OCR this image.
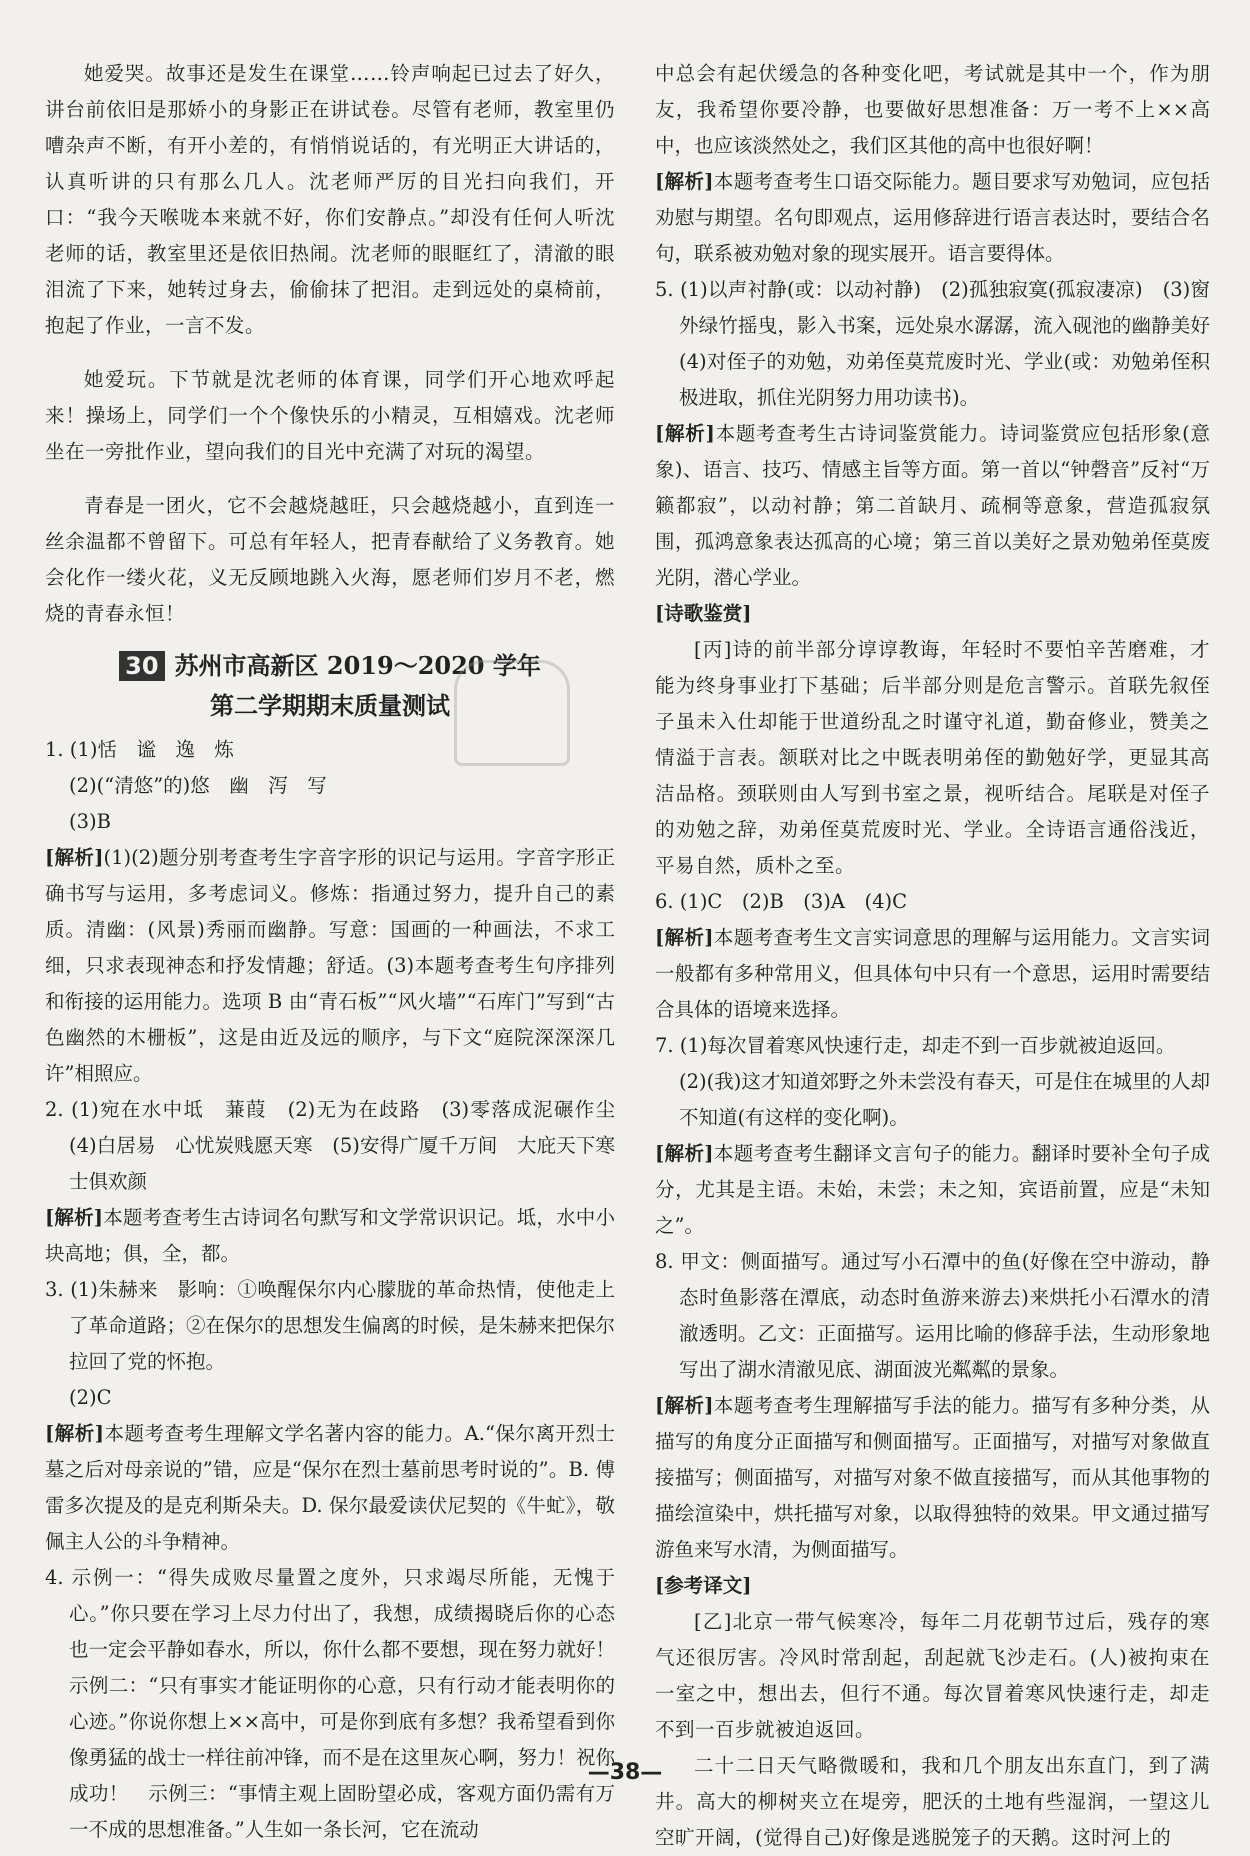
她爱哭。故事还是发生在课堂……铃声响起已过去了好久，讲台前依旧是那娇小的身影正在讲试卷。尽管有老师，教室里仍嘈杂声不断，有开小差的，有悄悄说话的，有光明正大讲话的，认真听讲的只有那么几人。沈老师严厉的目光扫向我们，开口：“我今天喉咙本来就不好，你们安静点。”却没有任何人听沈老师的话，教室里还是依旧热闹。沈老师的眼眶红了，清澈的眼泪流了下来，她转过身去，偷偷抹了把泪。走到远处的桌椅前，抱起了作业，一言不发。

她爱玩。下节就是沈老师的体育课，同学们开心地欢呼起来！操场上，同学们一个个像快乐的小精灵，互相嬉戏。沈老师坐在一旁批作业，望向我们的目光中充满了对玩的渴望。

青春是一团火，它不会越烧越旺，只会越烧越小，直到连一丝余温都不曾留下。可总有年轻人，把青春献给了义务教育。她会化作一缕火花，义无反顾地跳入火海，愿老师们岁月不老，燃烧的青春永恒！

30 苏州市高新区 2019～2020 学年
第二学期期末质量测试

1. (1)恬　谧　逸　炼

(2)(“清悠”的)悠　幽　泻　写

(3)B

[解析](1)(2)题分别考查考生字音字形的识记与运用。字音字形正确书写与运用，多考虑词义。修炼：指通过努力，提升自己的素质。清幽：(风景)秀丽而幽静。写意：国画的一种画法，不求工细，只求表现神态和抒发情趣；舒适。(3)本题考查考生句序排列和衔接的运用能力。选项 B 由“青石板”“风火墙”“石库门”写到“古色幽然的木栅板”，这是由近及远的顺序，与下文“庭院深深深几许”相照应。

2. (1)宛在水中坻　蒹葭　(2)无为在歧路　(3)零落成泥碾作尘　(4)白居易　心忧炭贱愿天寒　(5)安得广厦千万间　大庇天下寒士俱欢颜

[解析]本题考查考生古诗词名句默写和文学常识识记。坻，水中小块高地；俱，全，都。

3. (1)朱赫来　影响：①唤醒保尔内心朦胧的革命热情，使他走上了革命道路；②在保尔的思想发生偏离的时候，是朱赫来把保尔拉回了党的怀抱。

(2)C

[解析]本题考查考生理解文学名著内容的能力。A.“保尔离开烈士墓之后对母亲说的”错，应是“保尔在烈士墓前思考时说的”。B. 傅雷多次提及的是克利斯朵夫。D. 保尔最爱读伏尼契的《牛虻》，敬佩主人公的斗争精神。

4. 示例一：“得失成败尽量置之度外，只求竭尽所能，无愧于心。”你只要在学习上尽力付出了，我想，成绩揭晓后你的心态也一定会平静如春水，所以，你什么都不要想，现在努力就好！示例二：“只有事实才能证明你的心意，只有行动才能表明你的心迹。”你说你想上××高中，可是你到底有多想？我希望看到你像勇猛的战士一样往前冲锋，而不是在这里灰心啊，努力！祝你成功！　示例三：“事情主观上固盼望必成，客观方面仍需有万一不成的思想准备。”人生如一条长河，它在流动

中总会有起伏缓急的各种变化吧，考试就是其中一个，作为朋友，我希望你要冷静，也要做好思想准备：万一考不上××高中，也应该淡然处之，我们区其他的高中也很好啊！

[解析]本题考查考生口语交际能力。题目要求写劝勉词，应包括劝慰与期望。名句即观点，运用修辞进行语言表达时，要结合名句，联系被劝勉对象的现实展开。语言要得体。

5. (1)以声衬静(或：以动衬静)　(2)孤独寂寞(孤寂凄凉)　(3)窗外绿竹摇曳，影入书案，远处泉水潺潺，流入砚池的幽静美好　(4)对侄子的劝勉，劝弟侄莫荒废时光、学业(或：劝勉弟侄积极进取，抓住光阴努力用功读书)。

[解析]本题考查考生古诗词鉴赏能力。诗词鉴赏应包括形象(意象)、语言、技巧、情感主旨等方面。第一首以“钟磬音”反衬“万籁都寂”，以动衬静；第二首缺月、疏桐等意象，营造孤寂氛围，孤鸿意象表达孤高的心境；第三首以美好之景劝勉弟侄莫废光阴，潜心学业。

[诗歌鉴赏]

[丙]诗的前半部分谆谆教诲，年轻时不要怕辛苦磨难，才能为终身事业打下基础；后半部分则是危言警示。首联先叙侄子虽未入仕却能于世道纷乱之时谨守礼道，勤奋修业，赞美之情溢于言表。颔联对比之中既表明弟侄的勤勉好学，更显其高洁品格。颈联则由人写到书室之景，视听结合。尾联是对侄子的劝勉之辞，劝弟侄莫荒废时光、学业。全诗语言通俗浅近，平易自然，质朴之至。

6. (1)C　(2)B　(3)A　(4)C

[解析]本题考查考生文言实词意思的理解与运用能力。文言实词一般都有多种常用义，但具体句中只有一个意思，运用时需要结合具体的语境来选择。

7. (1)每次冒着寒风快速行走，却走不到一百步就被迫返回。

(2)(我)这才知道郊野之外未尝没有春天，可是住在城里的人却不知道(有这样的变化啊)。

[解析]本题考查考生翻译文言句子的能力。翻译时要补全句子成分，尤其是主语。未始，未尝；未之知，宾语前置，应是“未知之”。

8. 甲文：侧面描写。通过写小石潭中的鱼(好像在空中游动，静态时鱼影落在潭底，动态时鱼游来游去)来烘托小石潭水的清澈透明。乙文：正面描写。运用比喻的修辞手法，生动形象地写出了湖水清澈见底、湖面波光粼粼的景象。

[解析]本题考查考生理解描写手法的能力。描写有多种分类，从描写的角度分正面描写和侧面描写。正面描写，对描写对象做直接描写；侧面描写，对描写对象不做直接描写，而从其他事物的描绘渲染中，烘托描写对象，以取得独特的效果。甲文通过描写游鱼来写水清，为侧面描写。

[参考译文]

[乙]北京一带气候寒冷，每年二月花朝节过后，残存的寒气还很厉害。冷风时常刮起，刮起就飞沙走石。(人)被拘束在一室之中，想出去，但行不通。每次冒着寒风快速行走，却走不到一百步就被迫返回。

二十二日天气略微暖和，我和几个朋友出东直门，到了满井。高大的柳树夹立在堤旁，肥沃的土地有些湿润，一望这儿空旷开阔，(觉得自己)好像是逃脱笼子的天鹅。这时河上的

—38—
